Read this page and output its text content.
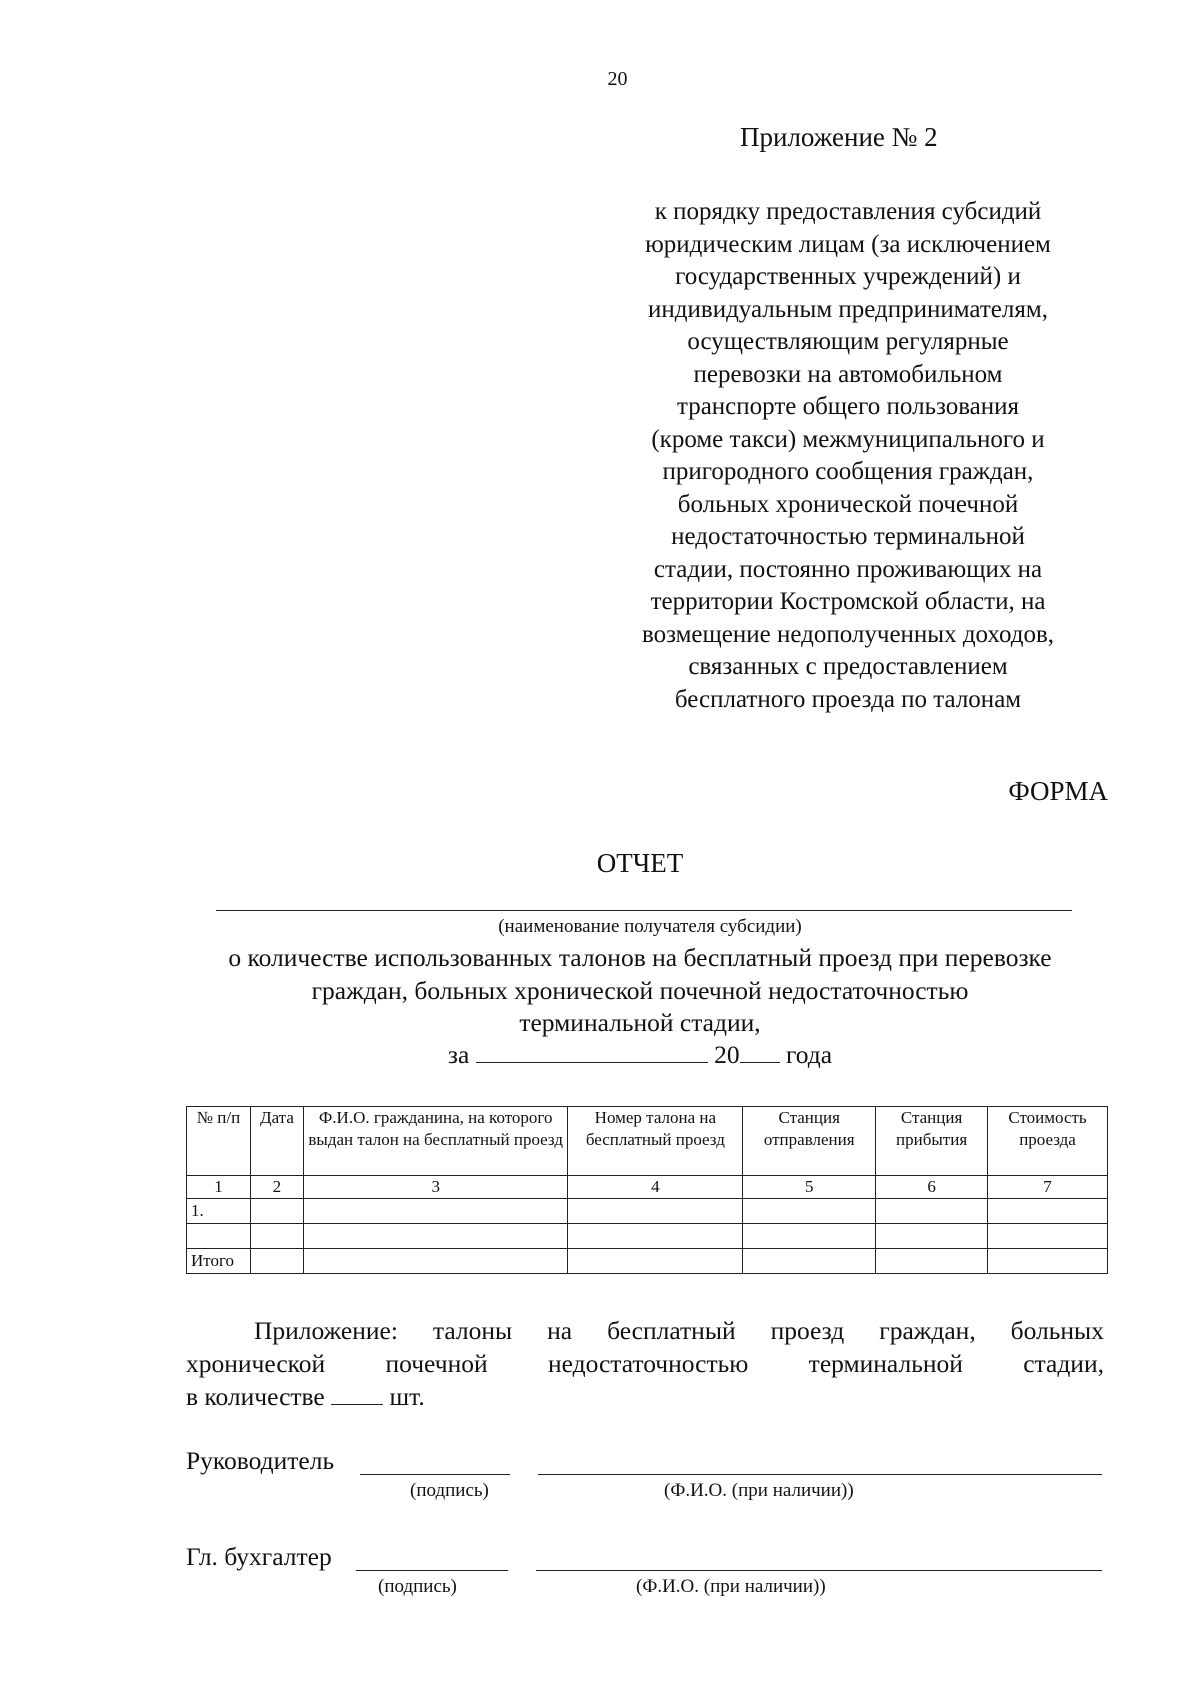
20
Приложение № 2

к порядку предоставления субсидий
юридическим лицам (за исключением
государственных учреждений) и
индивидуальным предпринимателям,
осуществляющим регулярные
перевозки на автомобильном
транспорте общего пользования
(кроме такси) межмуниципального и
пригородного сообщения граждан,
больных хронической почечной
недостаточностью терминальной
стадии, постоянно проживающих на
территории Костромской области, на
возмещение недополученных доходов,
связанных с предоставлением
бесплатного проезда по талонам

ФОРМА
ОТЧЕТ
(наименование получателя субсидии)

о количестве использованных талонов на бесплатный проезд при перевозке
граждан, больных хронической почечной недостаточностью
терминальной стадии,

за	20 года
№ п/п	Дата	Ф.И.О. гражданина, на которого выдан талон на бесплатный проезд	Номер талона на бесплатный проезд	Станция отправления	Станция прибытия	Стоимость проезда
1	2	3	4	5	6	7
1.						

Итого						
Приложение: талоны на бесплатный проезд граждан, больных
хронической почечной недостаточностью терминальной стадии,
в количестве	шт.
Руководитель
(подпись)	(Ф.И.О. (при наличии))
Гл. бухгалтер
(подпись)	(Ф.И.О. (при наличии))
